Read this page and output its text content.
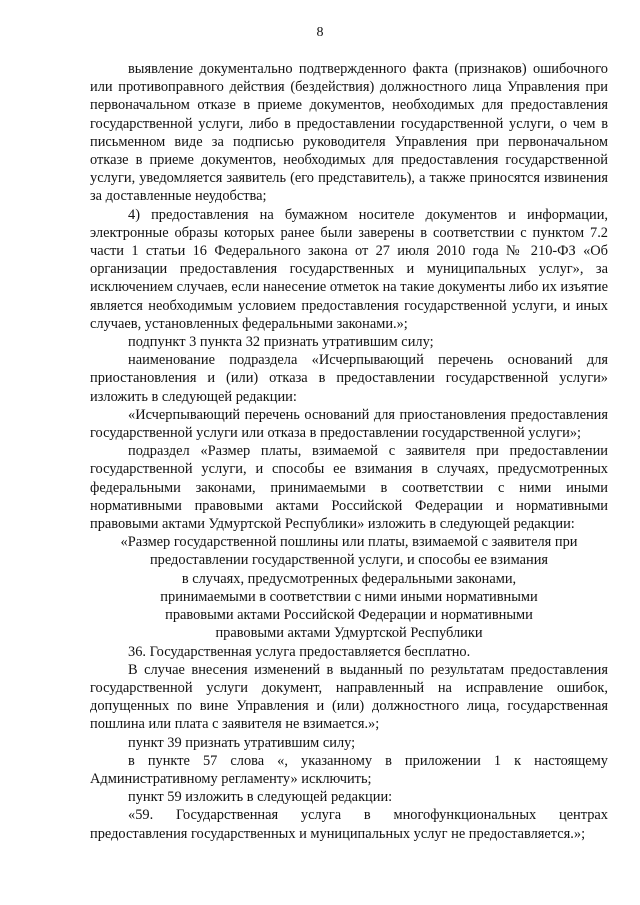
8

выявление документально подтвержденного факта (признаков) ошибочного или противоправного действия (бездействия) должностного лица Управления при первоначальном отказе в приеме документов, необходимых для предоставления государственной услуги, либо в предоставлении государственной услуги, о чем в письменном виде за подписью руководителя Управления при первоначальном отказе в приеме документов, необходимых для предоставления государственной услуги, уведомляется заявитель (его представитель), а также приносятся извинения за доставленные неудобства;

4) предоставления на бумажном носителе документов и информации, электронные образы которых ранее были заверены в соответствии с пунктом 7.2 части 1 статьи 16 Федерального закона от 27 июля 2010 года № 210-ФЗ «Об организации предоставления государственных и муниципальных услуг», за исключением случаев, если нанесение отметок на такие документы либо их изъятие является необходимым условием предоставления государственной услуги, и иных случаев, установленных федеральными законами.»;

подпункт 3 пункта 32 признать утратившим силу;

наименование подраздела «Исчерпывающий перечень оснований для приостановления и (или) отказа в предоставлении государственной услуги» изложить в следующей редакции:

«Исчерпывающий перечень оснований для приостановления предоставления государственной услуги или отказа в предоставлении государственной услуги»;

подраздел «Размер платы, взимаемой с заявителя при предоставлении государственной услуги, и способы ее взимания в случаях, предусмотренных федеральными законами, принимаемыми в соответствии с ними иными нормативными правовыми актами Российской Федерации и нормативными правовыми актами Удмуртской Республики» изложить в следующей редакции:

«Размер государственной пошлины или платы, взимаемой с заявителя при

предоставлении государственной услуги, и способы ее взимания

в случаях, предусмотренных федеральными законами,

принимаемыми в соответствии с ними иными нормативными

правовыми актами Российской Федерации и нормативными

правовыми актами Удмуртской Республики

36. Государственная услуга предоставляется бесплатно.

В случае внесения изменений в выданный по результатам предоставления государственной услуги документ, направленный на исправление ошибок, допущенных по вине Управления и (или) должностного лица, государственная пошлина или плата с заявителя не взимается.»;

пункт 39 признать утратившим силу;

в пункте 57 слова «, указанному в приложении 1 к настоящему Административному регламенту» исключить;

пункт 59 изложить в следующей редакции:

«59. Государственная услуга в многофункциональных центрах предоставления государственных и муниципальных услуг не предоставляется.»;
